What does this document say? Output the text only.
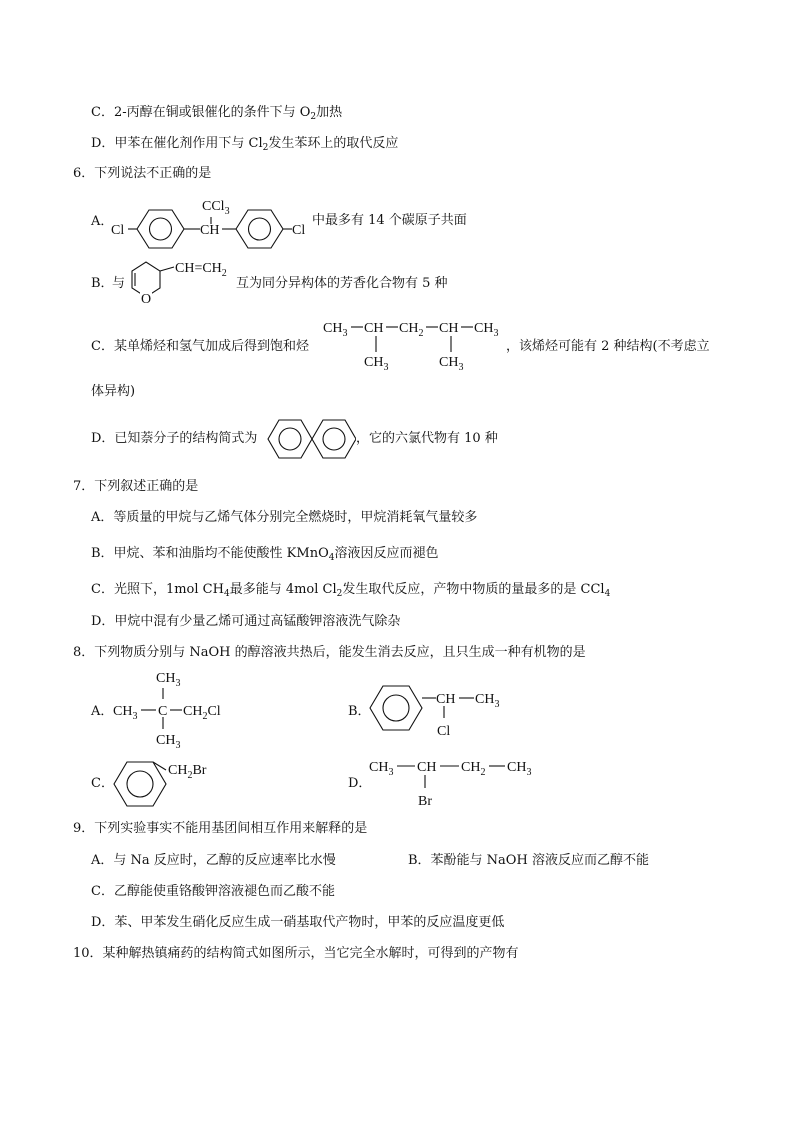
C．2-丙醇在铜或银催化的条件下与 $O_2$加热
D．甲苯在催化剂作用下与 $Cl_2$发生苯环上的取代反应
6．下列说法不正确的是
A．
Cl	CH
CCl$_3$
Cl
中最多有 14 个碳原子共面
B．
与
O
$CH=CH_2$
互为同分异构体的芳香化合物有 5 种
C．某单烯烃和氢气加成后得到饱和烃
$CH_3$ CH
$CH_3$
$CH_2$ CH
$CH_3$
$CH_3$
，该烯烃可能有 2 种结构(不考虑立
体异构)
D．已知萘分子的结构简式为	，它的六氯代物有 10 种
7．下列叙述正确的是
A．等质量的甲烷与乙烯气体分别完全燃烧时，甲烷消耗氧气量较多
B．甲烷、苯和油脂均不能使酸性 KMnO$_4$溶液因反应而褪色
C．光照下，1mol $CH_4$最多能与 4mol $Cl_2$发生取代反应，产物中物质的量最多的是 CCl$_4$
D．甲烷中混有少量乙烯可通过高锰酸钾溶液洗气除杂
8．下列物质分别与 NaOH 的醇溶液共热后，能发生消去反应，且只生成一种有机物的是
A．
$CH_3$
$CH_3$ C
$CH_3$
$CH_2Cl$	B．
CH
Cl
$CH_3$
C．
$CH_2Br$
D．
$CH_3$ CH
Br
$CH_2$ $CH_3$
9．下列实验事实不能用基团间相互作用来解释的是
A．与 Na 反应时，乙醇的反应速率比水慢	B．苯酚能与 NaOH 溶液反应而乙醇不能
C．乙醇能使重铬酸钾溶液褪色而乙酸不能
D．苯、甲苯发生硝化反应生成一硝基取代产物时，甲苯的反应温度更低
10．某种解热镇痛药的结构简式如图所示，当它完全水解时，可得到的产物有
